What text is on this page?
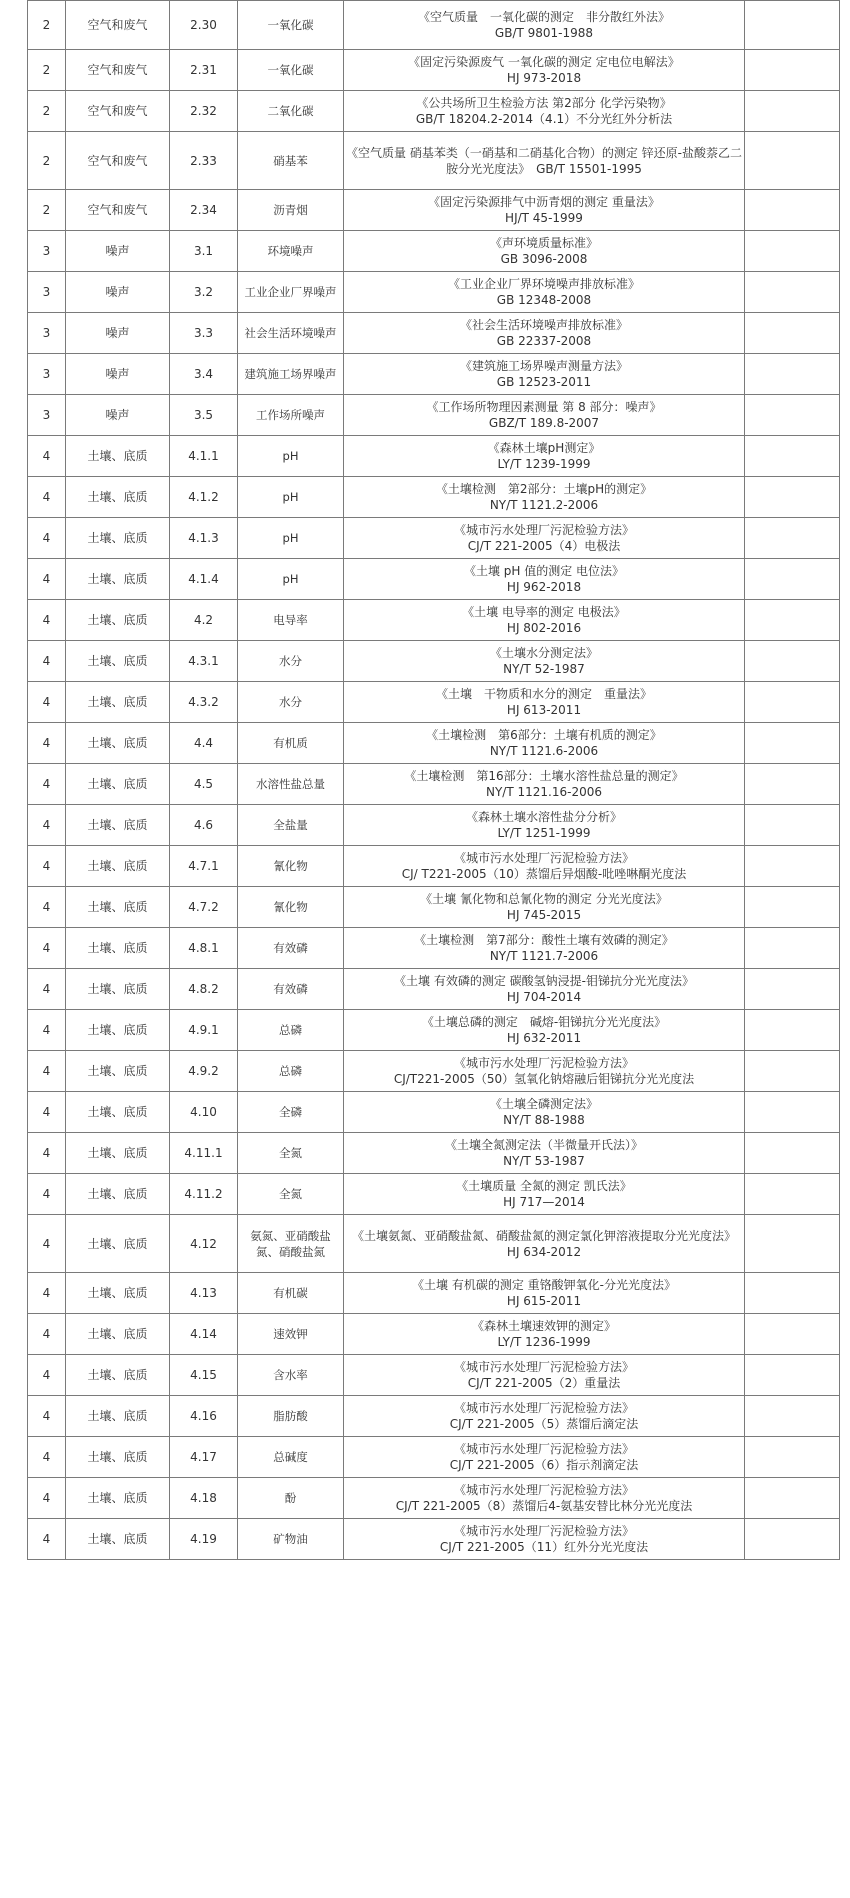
2	空气和废气	2.30	一氧化碳	《空气质量　一氧化碳的测定　非分散红外法》
GB/T 9801-1988	
2	空气和废气	2.31	一氧化碳	《固定污染源废气 一氧化碳的测定 定电位电解法》
HJ 973-2018	
2	空气和废气	2.32	二氧化碳	《公共场所卫生检验方法 第2部分 化学污染物》
GB/T 18204.2-2014（4.1）不分光红外分析法	
2	空气和废气	2.33	硝基苯	《空气质量 硝基苯类（一硝基和二硝基化合物）的测定 锌还原-盐酸萘乙二胺分光光度法》　GB/T 15501-1995	
2	空气和废气	2.34	沥青烟	《固定污染源排气中沥青烟的测定 重量法》
HJ/T 45-1999	
3	噪声	3.1	环境噪声	《声环境质量标准》
GB 3096-2008	
3	噪声	3.2	工业企业厂界噪声	《工业企业厂界环境噪声排放标准》
GB 12348-2008	
3	噪声	3.3	社会生活环境噪声	《社会生活环境噪声排放标准》
GB 22337-2008	
3	噪声	3.4	建筑施工场界噪声	《建筑施工场界噪声测量方法》
GB 12523-2011	
3	噪声	3.5	工作场所噪声	《工作场所物理因素测量 第 8 部分：噪声》
GBZ/T 189.8-2007	
4	土壤、底质	4.1.1	pH	《森林土壤pH测定》
LY/T 1239-1999	
4	土壤、底质	4.1.2	pH	《土壤检测　第2部分：土壤pH的测定》
NY/T 1121.2-2006	
4	土壤、底质	4.1.3	pH	《城市污水处理厂污泥检验方法》
CJ/T 221-2005（4）电极法	
4	土壤、底质	4.1.4	pH	《土壤 pH 值的测定 电位法》
HJ 962-2018	
4	土壤、底质	4.2	电导率	《土壤 电导率的测定 电极法》
HJ 802-2016	
4	土壤、底质	4.3.1	水分	《土壤水分测定法》
NY/T 52-1987	
4	土壤、底质	4.3.2	水分	《土壤　干物质和水分的测定　重量法》
HJ 613-2011	
4	土壤、底质	4.4	有机质	《土壤检测　第6部分：土壤有机质的测定》
NY/T 1121.6-2006	
4	土壤、底质	4.5	水溶性盐总量	《土壤检测　第16部分：土壤水溶性盐总量的测定》
NY/T 1121.16-2006	
4	土壤、底质	4.6	全盐量	《森林土壤水溶性盐分分析》
LY/T 1251-1999	
4	土壤、底质	4.7.1	氰化物	《城市污水处理厂污泥检验方法》
CJ/ T221-2005（10）蒸馏后异烟酸-吡唑啉酮光度法	
4	土壤、底质	4.7.2	氰化物	《土壤 氰化物和总氰化物的测定 分光光度法》
HJ 745-2015	
4	土壤、底质	4.8.1	有效磷	《土壤检测　第7部分：酸性土壤有效磷的测定》
NY/T 1121.7-2006	
4	土壤、底质	4.8.2	有效磷	《土壤 有效磷的测定 碳酸氢钠浸提-钼锑抗分光光度法》
HJ 704-2014	
4	土壤、底质	4.9.1	总磷	《土壤总磷的测定　碱熔-钼锑抗分光光度法》
HJ 632-2011	
4	土壤、底质	4.9.2	总磷	《城市污水处理厂污泥检验方法》
CJ/T221-2005（50）氢氧化钠熔融后钼锑抗分光光度法	
4	土壤、底质	4.10	全磷	《土壤全磷测定法》
NY/T 88-1988	
4	土壤、底质	4.11.1	全氮	《土壤全氮测定法（半微量开氏法）》
NY/T 53-1987	
4	土壤、底质	4.11.2	全氮	《土壤质量 全氮的测定 凯氏法》
HJ 717—2014	
4	土壤、底质	4.12	氨氮、亚硝酸盐氮、硝酸盐氮	《土壤氨氮、亚硝酸盐氮、硝酸盐氮的测定氯化钾溶液提取分光光度法》
HJ 634-2012	
4	土壤、底质	4.13	有机碳	《土壤 有机碳的测定 重铬酸钾氧化-分光光度法》
HJ 615-2011	
4	土壤、底质	4.14	速效钾	《森林土壤速效钾的测定》
LY/T 1236-1999	
4	土壤、底质	4.15	含水率	《城市污水处理厂污泥检验方法》
CJ/T 221-2005（2）重量法	
4	土壤、底质	4.16	脂肪酸	《城市污水处理厂污泥检验方法》
CJ/T 221-2005（5）蒸馏后滴定法	
4	土壤、底质	4.17	总碱度	《城市污水处理厂污泥检验方法》
CJ/T 221-2005（6）指示剂滴定法	
4	土壤、底质	4.18	酚	《城市污水处理厂污泥检验方法》
CJ/T 221-2005（8）蒸馏后4-氨基安替比林分光光度法	
4	土壤、底质	4.19	矿物油	《城市污水处理厂污泥检验方法》
CJ/T 221-2005（11）红外分光光度法	
